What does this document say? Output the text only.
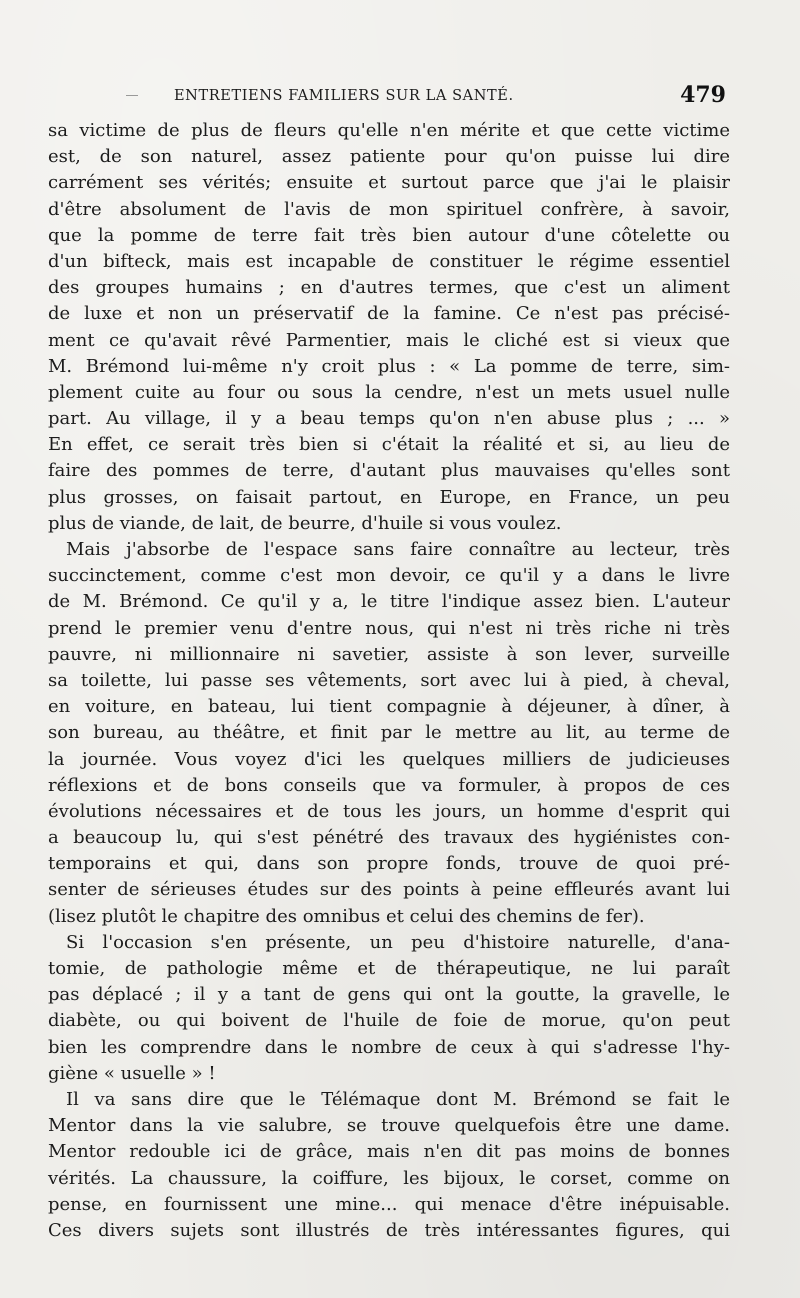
ENTRETIENS FAMILIERS SUR LA SANTÉ.	479
sa victime de plus de fleurs qu'elle n'en mérite et que cette victime
est, de son naturel, assez patiente pour qu'on puisse lui dire
carrément ses vérités; ensuite et surtout parce que j'ai le plaisir
d'être absolument de l'avis de mon spirituel confrère, à savoir,
que la pomme de terre fait très bien autour d'une côtelette ou
d'un bifteck, mais est incapable de constituer le régime essentiel
des groupes humains ; en d'autres termes, que c'est un aliment
de luxe et non un préservatif de la famine. Ce n'est pas précisé-
ment ce qu'avait rêvé Parmentier, mais le cliché est si vieux que
M. Brémond lui-même n'y croit plus : « La pomme de terre, sim-
plement cuite au four ou sous la cendre, n'est un mets usuel nulle
part. Au village, il y a beau temps qu'on n'en abuse plus ; ... »
En effet, ce serait très bien si c'était la réalité et si, au lieu de
faire des pommes de terre, d'autant plus mauvaises qu'elles sont
plus grosses, on faisait partout, en Europe, en France, un peu
plus de viande, de lait, de beurre, d'huile si vous voulez.
Mais j'absorbe de l'espace sans faire connaître au lecteur, très
succinctement, comme c'est mon devoir, ce qu'il y a dans le livre
de M. Brémond. Ce qu'il y a, le titre l'indique assez bien. L'auteur
prend le premier venu d'entre nous, qui n'est ni très riche ni très
pauvre, ni millionnaire ni savetier, assiste à son lever, surveille
sa toilette, lui passe ses vêtements, sort avec lui à pied, à cheval,
en voiture, en bateau, lui tient compagnie à déjeuner, à dîner, à
son bureau, au théâtre, et finit par le mettre au lit, au terme de
la journée. Vous voyez d'ici les quelques milliers de judicieuses
réflexions et de bons conseils que va formuler, à propos de ces
évolutions nécessaires et de tous les jours, un homme d'esprit qui
a beaucoup lu, qui s'est pénétré des travaux des hygiénistes con-
temporains et qui, dans son propre fonds, trouve de quoi pré-
senter de sérieuses études sur des points à peine effleurés avant lui
(lisez plutôt le chapitre des omnibus et celui des chemins de fer).
Si l'occasion s'en présente, un peu d'histoire naturelle, d'ana-
tomie, de pathologie même et de thérapeutique, ne lui paraît
pas déplacé ; il y a tant de gens qui ont la goutte, la gravelle, le
diabète, ou qui boivent de l'huile de foie de morue, qu'on peut
bien les comprendre dans le nombre de ceux à qui s'adresse l'hy-
giène « usuelle » !
Il va sans dire que le Télémaque dont M. Brémond se fait le
Mentor dans la vie salubre, se trouve quelquefois être une dame.
Mentor redouble ici de grâce, mais n'en dit pas moins de bonnes
vérités. La chaussure, la coiffure, les bijoux, le corset, comme on
pense, en fournissent une mine... qui menace d'être inépuisable.
Ces divers sujets sont illustrés de très intéressantes figures, qui
